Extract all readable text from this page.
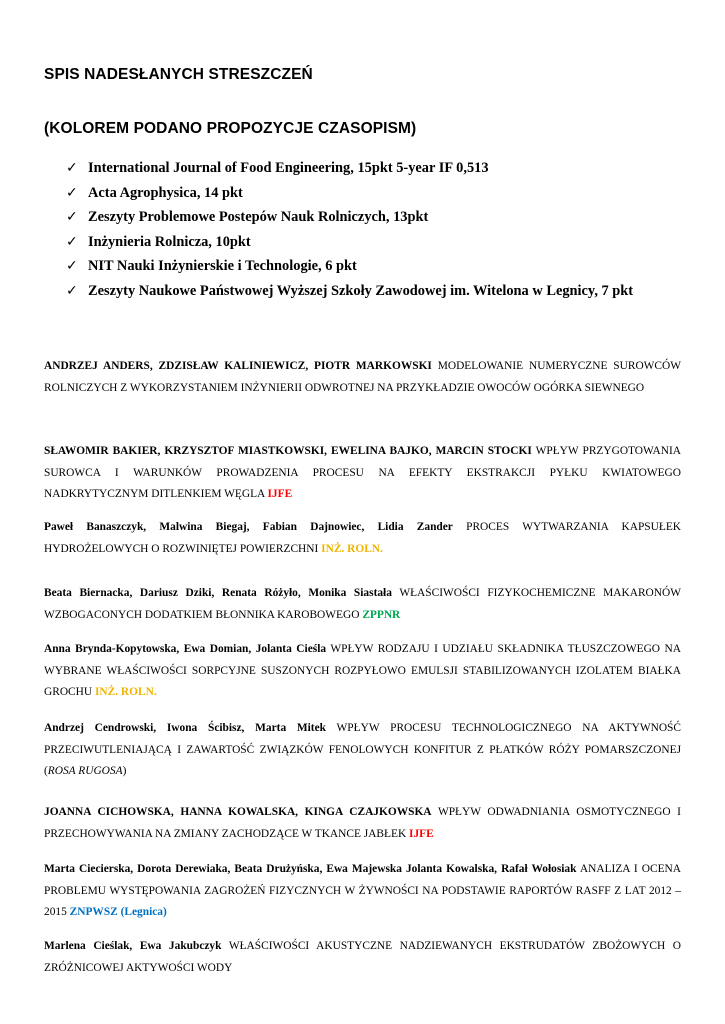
SPIS NADESŁANYCH STRESZCZEŃ
(KOLOREM PODANO PROPOZYCJE CZASOPISM)
✓ International Journal of Food Engineering, 15pkt 5-year IF 0,513
✓ Acta Agrophysica, 14 pkt
✓ Zeszyty Problemowe Postepów Nauk Rolniczych, 13pkt
✓ Inżynieria Rolnicza, 10pkt
✓ NIT Nauki Inżynierskie i Technologie, 6 pkt
✓ Zeszyty Naukowe Państwowej Wyższej Szkoły Zawodowej im. Witelona w Legnicy, 7 pkt

ANDRZEJ ANDERS, ZDZISŁAW KALINIEWICZ, PIOTR MARKOWSKI MODELOWANIE NUMERYCZNE SUROWCÓW ROLNICZYCH Z WYKORZYSTANIEM INŻYNIERII ODWROTNEJ NA PRZYKŁADZIE OWOCÓW OGÓRKA SIEWNEGO

SŁAWOMIR BAKIER, KRZYSZTOF MIASTKOWSKI, EWELINA BAJKO, MARCIN STOCKI WPŁYW PRZYGOTOWANIA SUROWCA I WARUNKÓW PROWADZENIA PROCESU NA EFEKTY EKSTRAKCJI PYŁKU KWIATOWEGO NADKRYTYCZNYM DITLENKIEM WĘGLA IJFE

Paweł Banaszczyk, Malwina Biegaj, Fabian Dajnowiec, Lidia Zander PROCES WYTWARZANIA KAPSUŁEK HYDROŻELOWYCH O ROZWINIĘTEJ POWIERZCHNI INŻ. ROLN.

Beata Biernacka, Dariusz Dziki, Renata Różyło, Monika Siastała WŁAŚCIWOŚCI FIZYKOCHEMICZNE MAKARONÓW WZBOGACONYCH DODATKIEM BŁONNIKA KAROBOWEGO ZPPNR

Anna Brynda-Kopytowska, Ewa Domian, Jolanta Cieśla WPŁYW RODZAJU I UDZIAŁU SKŁADNIKA TŁUSZCZOWEGO NA WYBRANE WŁAŚCIWOŚCI SORPCYJNE SUSZONYCH ROZPYŁOWO EMULSJI STABILIZOWANYCH IZOLATEM BIAŁKA GROCHU INŻ. ROLN.

Andrzej Cendrowski, Iwona Ścibisz, Marta Mitek WPŁYW PROCESU TECHNOLOGICZNEGO NA AKTYWNOŚĆ PRZECIWUTLENIAJĄCĄ I ZAWARTOŚĆ ZWIĄZKÓW FENOLOWYCH KONFITUR Z PŁATKÓW RÓŻY POMARSZCZONEJ (ROSA RUGOSA)

JOANNA CICHOWSKA, HANNA KOWALSKA, KINGA CZAJKOWSKA WPŁYW ODWADNIANIA OSMOTYCZNEGO I PRZECHOWYWANIA NA ZMIANY ZACHODZĄCE W TKANCE JABŁEK IJFE

Marta Ciecierska, Dorota Derewiaka, Beata Drużyńska, Ewa Majewska Jolanta Kowalska, Rafał Wołosiak ANALIZA I OCENA PROBLEMU WYSTĘPOWANIA ZAGROŻEŃ FIZYCZNYCH W ŻYWNOŚCI NA PODSTAWIE RAPORTÓW RASFF Z LAT 2012 – 2015 ZNPWSZ (Legnica)

Marlena Cieślak, Ewa Jakubczyk WŁAŚCIWOŚCI AKUSTYCZNE NADZIEWANYCH EKSTRUDATÓW ZBOŻOWYCH O ZRÓŻNICOWEJ AKTYWOŚCI WODY
